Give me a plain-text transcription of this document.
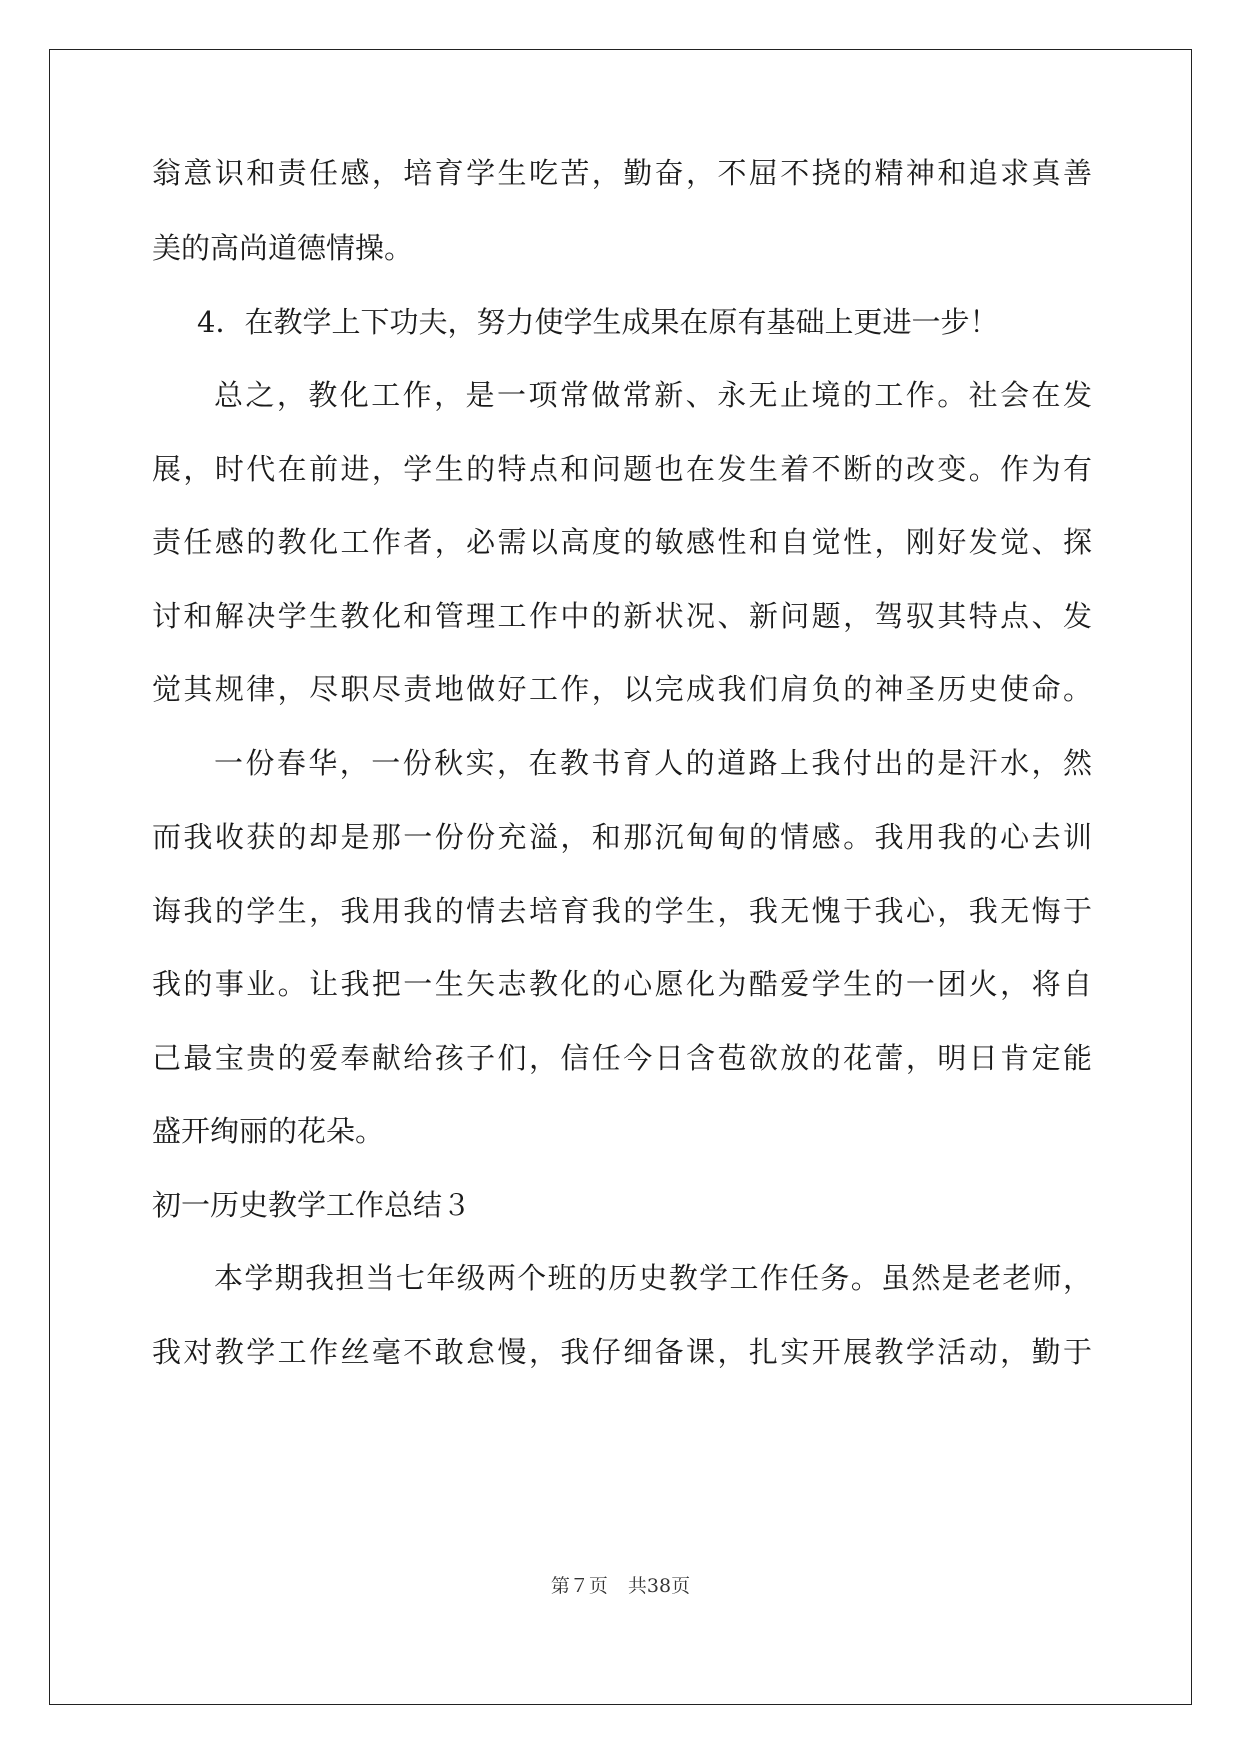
翁意识和责任感，培育学生吃苦，勤奋，不屈不挠的精神和追求真善
美的高尚道德情操。
4．在教学上下功夫，努力使学生成果在原有基础上更进一步！
总之，教化工作，是一项常做常新、永无止境的工作。社会在发
展，时代在前进，学生的特点和问题也在发生着不断的改变。作为有
责任感的教化工作者，必需以高度的敏感性和自觉性，刚好发觉、探
讨和解决学生教化和管理工作中的新状况、新问题，驾驭其特点、发
觉其规律，尽职尽责地做好工作，以完成我们肩负的神圣历史使命。
一份春华，一份秋实，在教书育人的道路上我付出的是汗水，然
而我收获的却是那一份份充溢，和那沉甸甸的情感。我用我的心去训
诲我的学生，我用我的情去培育我的学生，我无愧于我心，我无悔于
我的事业。让我把一生矢志教化的心愿化为酷爱学生的一团火，将自
己最宝贵的爱奉献给孩子们，信任今日含苞欲放的花蕾，明日肯定能
盛开绚丽的花朵。
初一历史教学工作总结３
本学期我担当七年级两个班的历史教学工作任务。虽然是老老师，
我对教学工作丝毫不敢怠慢，我仔细备课，扎实开展教学活动，勤于
第７页 共38页
